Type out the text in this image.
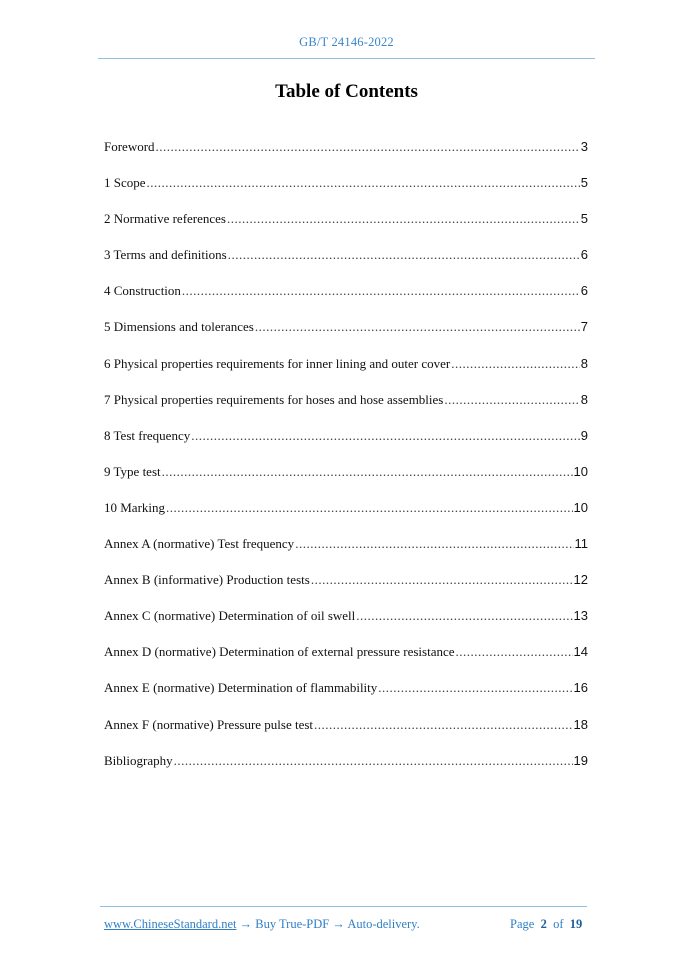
GB/T 24146-2022
Table of Contents
Foreword .....	3
1 Scope .....	5
2 Normative references .....	5
3 Terms and definitions .....	6
4 Construction .....	6
5 Dimensions and tolerances .....	7
6 Physical properties requirements for inner lining and outer cover .....	8
7 Physical properties requirements for hoses and hose assemblies .....	8
8 Test frequency .....	9
9 Type test .....	10
10 Marking .....	10
Annex A (normative) Test frequency .....	11
Annex B (informative) Production tests .....	12
Annex C (normative) Determination of oil swell .....	13
Annex D (normative) Determination of external pressure resistance .....	14
Annex E (normative) Determination of flammability .....	16
Annex F (normative) Pressure pulse test .....	18
Bibliography .....	19
www.ChineseStandard.net → Buy True-PDF → Auto-delivery.	Page 2 of 19
